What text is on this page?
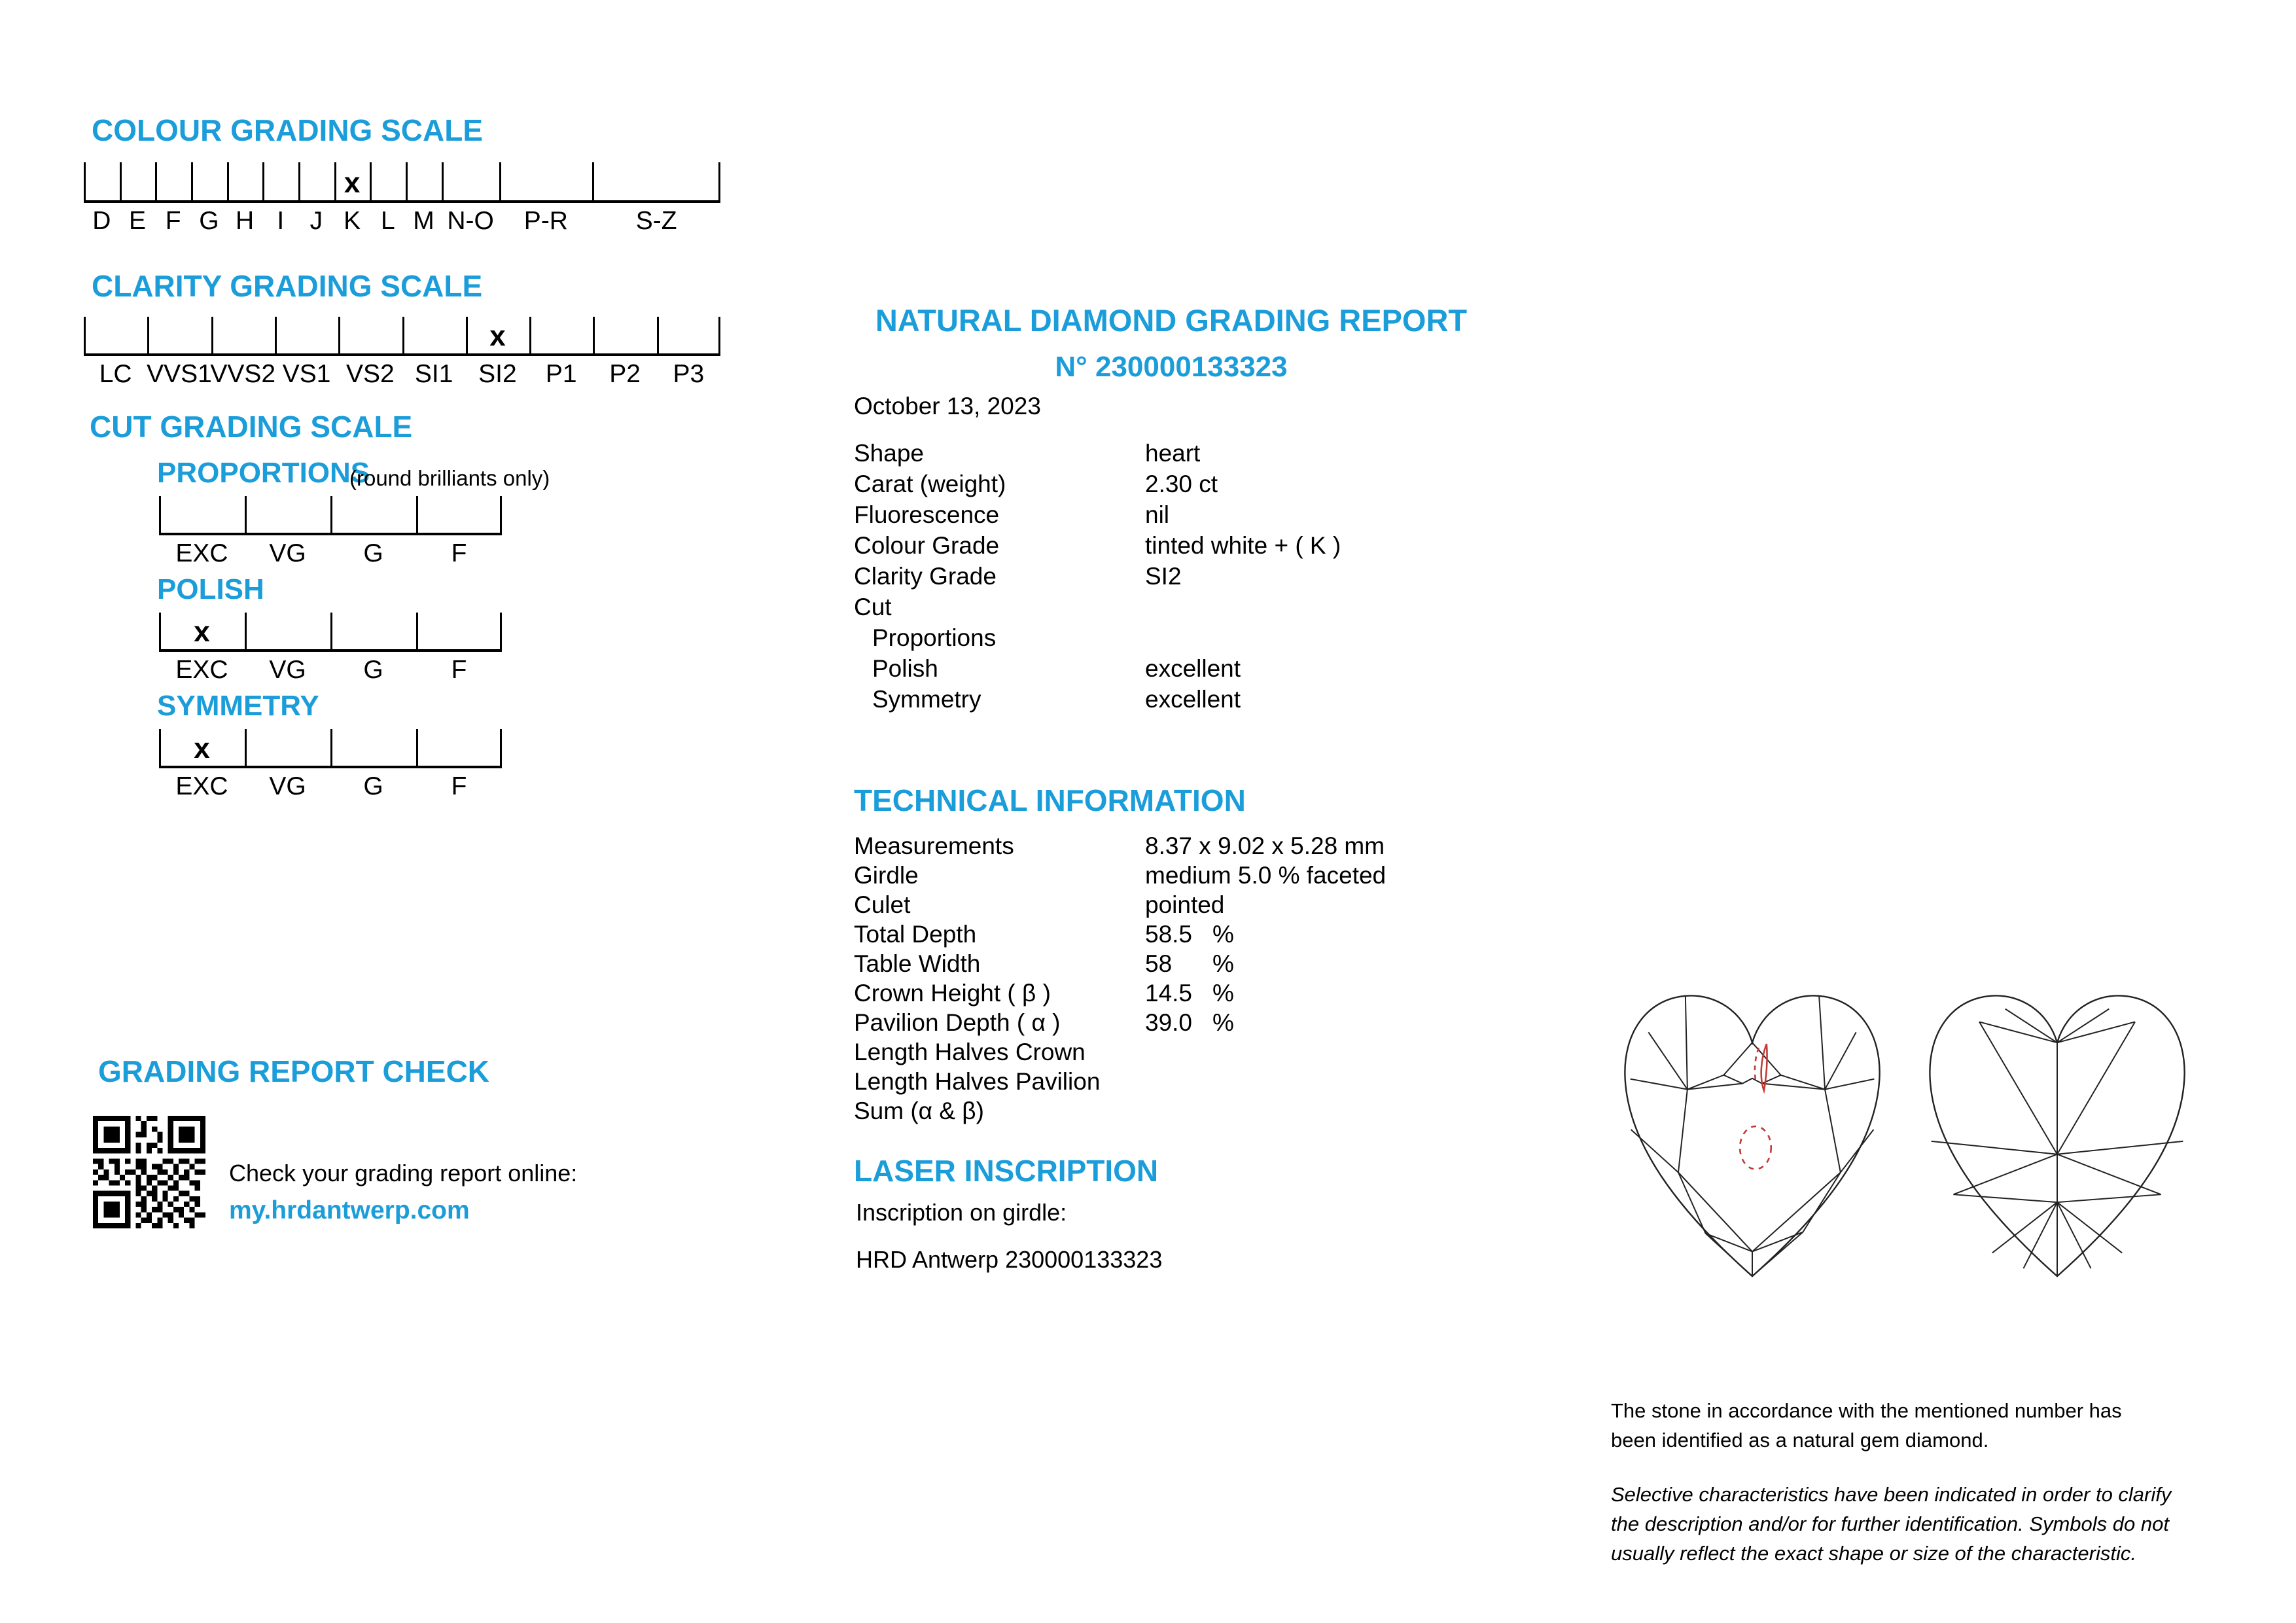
COLOUR GRADING SCALE
x
D E F G H I J K L M N-O P-R	S-Z
CLARITY GRADING SCALE
x
LC VVS1
VVS2 VS1 VS2 SI1 SI2 P1 P2 P3
CUT GRADING SCALE
PROPORTIONS
(round brilliants only)
EXC VG G	F
POLISH
x
EXC VG G	F
SYMMETRY
x
EXC VG G	F
GRADING REPORT CHECK
Check your grading report online:
my.hrdantwerp.com
NATURAL DIAMOND GRADING REPORT
N° 230000133323
October 13, 2023
Shape	heart
Carat (weight)	2.30 ct
Fluorescence	nil
Colour Grade	tinted white + ( K )
Clarity Grade	SI2
Cut
Proportions
Polish	excellent
Symmetry	excellent
TECHNICAL INFORMATION
Measurements	8.37 x 9.02 x 5.28 mm
Girdle	medium 5.0 % faceted
Culet	pointed
Total Depth	58.5 %
Table Width	58	%
Crown Height ( β )	14.5 %
Pavilion Depth ( α )	39.0 %
Length Halves Crown
Length Halves Pavilion
Sum (α & β)
LASER INSCRIPTION
Inscription on girdle:
HRD Antwerp 230000133323
The stone in accordance with the mentioned number has been identified as a natural gem diamond.
Selective characteristics have been indicated in order to clarify the description and/or for further identification. Symbols do not usually reflect the exact shape or size of the characteristic.
